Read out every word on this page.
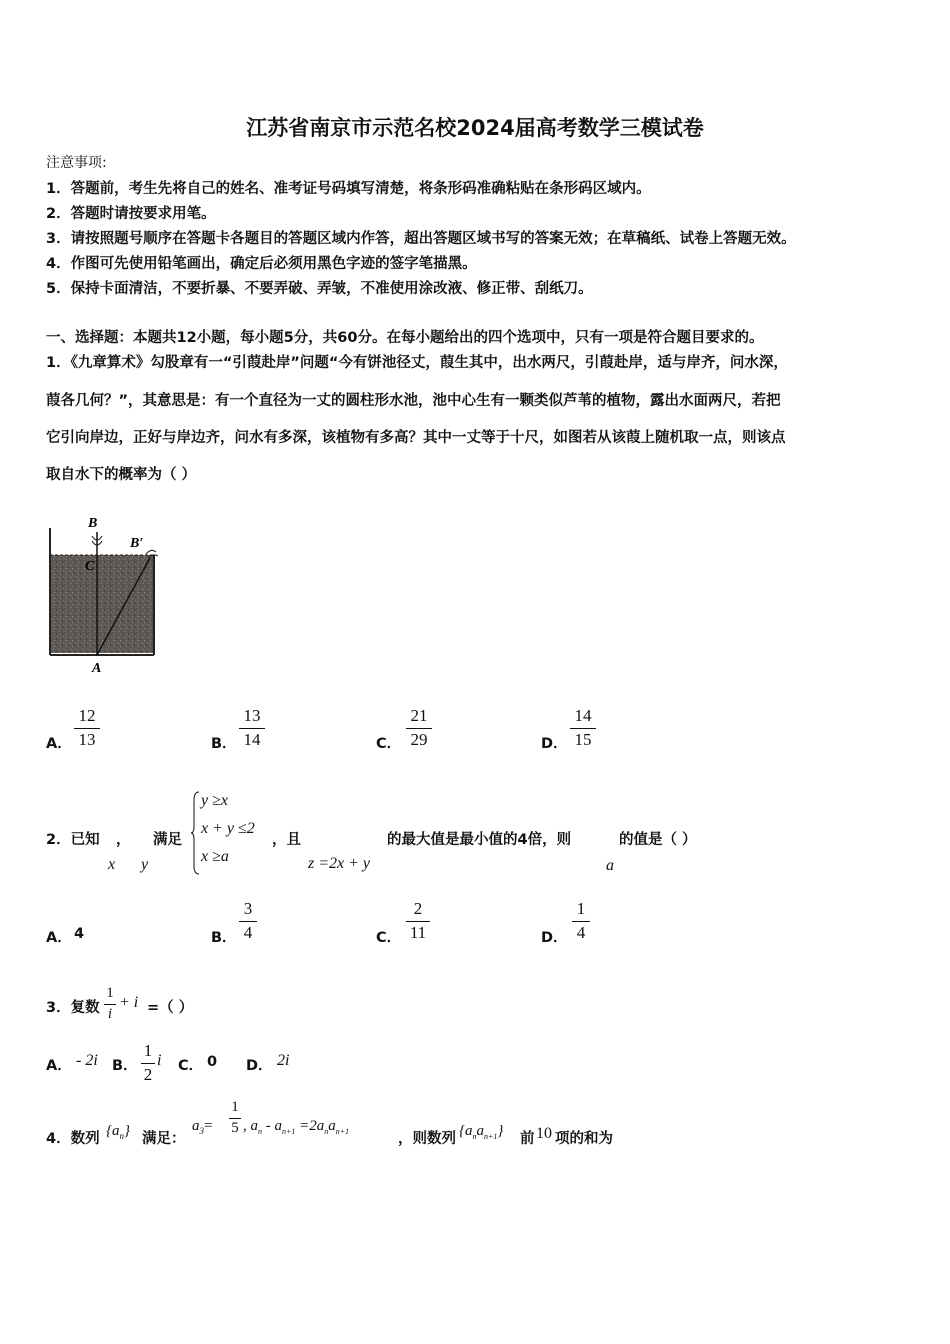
江苏省南京市示范名校2024届高考数学三模试卷
注意事项:
1．答题前，考生先将自己的姓名、准考证号码填写清楚，将条形码准确粘贴在条形码区域内。
2．答题时请按要求用笔。
3．请按照题号顺序在答题卡各题目的答题区域内作答，超出答题区域书写的答案无效；在草稿纸、试卷上答题无效。
4．作图可先使用铅笔画出，确定后必须用黑色字迹的签字笔描黑。
5．保持卡面清洁，不要折暴、不要弄破、弄皱，不准使用涂改液、修正带、刮纸刀。
一、选择题：本题共12小题，每小题5分，共60分。在每小题给出的四个选项中，只有一项是符合题目要求的。
1．《九章算术》勾股章有一“引葭赴岸”问题“今有饼池径丈，葭生其中，出水两尺，引葭赴岸，适与岸齐，问水深，
葭各几何？”，其意思是：有一个直径为一丈的圆柱形水池，池中心生有一颗类似芦苇的植物，露出水面两尺，若把
它引向岸边，正好与岸边齐，问水有多深，该植物有多高？其中一丈等于十尺，如图若从该葭上随机取一点，则该点
取自水下的概率为（ ）
B
B′
C
A
A．
12
13	B．
13
14	C．
21
29	D．
14
15
2．已知 ， 满足
x y
y ≥x
x + y ≤2
x ≥a
，且
z =2x + y
的最大值是最小值的4倍，则	的值是（ ）
a
A． 4	B．
3
4	C．
2
11	D．
1
4
3．复数
1
i
+ i =（ ）
A． - 2i B．
1
2
i C． 0 D． 2i
4．数列 $\{a_n\}$ 满足：
$a_3=$
1
5 , $a_n - a_{n+1} =2a_na_{n+1}$	，则数列 $\{a_na_{n+1}\}$ 前 10 项的和为
